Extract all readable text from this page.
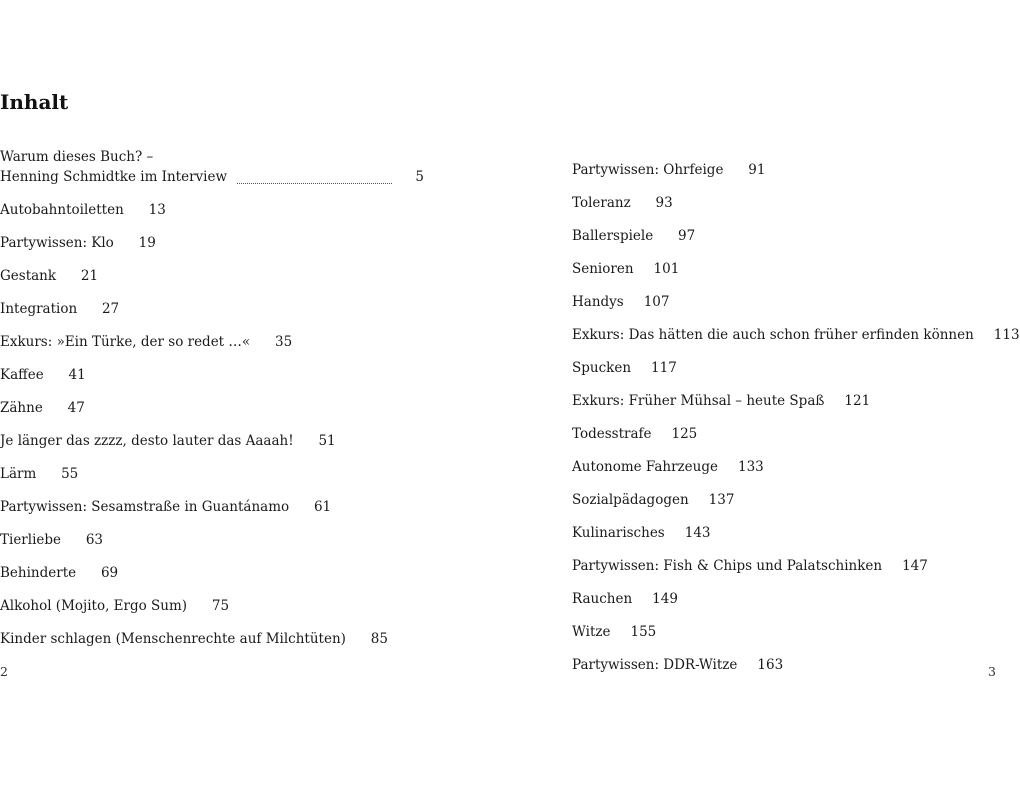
Inhalt
Warum dieses Buch? –
Henning Schmidtke im Interview	5
Autobahntoiletten	13
Partywissen: Klo	19
Gestank	21
Integration	27
Exkurs: »Ein Türke, der so redet …«	35
Kaffee	41
Zähne	47
Je länger das zzzz, desto lauter das Aaaah!	51
Lärm	55
Partywissen: Sesamstraße in Guantánamo	61
Tierliebe	63
Behinderte	69
Alkohol (Mojito, Ergo Sum)	75
Kinder schlagen (Menschenrechte auf Milchtüten)	85
Partywissen: Ohrfeige	91
Toleranz	93
Ballerspiele	97
Senioren 101
Handys 107
Exkurs: Das hätten die auch schon früher erfinden können 113
Spucken 117
Exkurs: Früher Mühsal – heute Spaß 121
Todesstrafe 125
Autonome Fahrzeuge 133
Sozialpädagogen 137
Kulinarisches 143
Partywissen: Fish & Chips und Palatschinken 147
Rauchen 149
Witze 155
Partywissen: DDR-Witze 163
2	3
